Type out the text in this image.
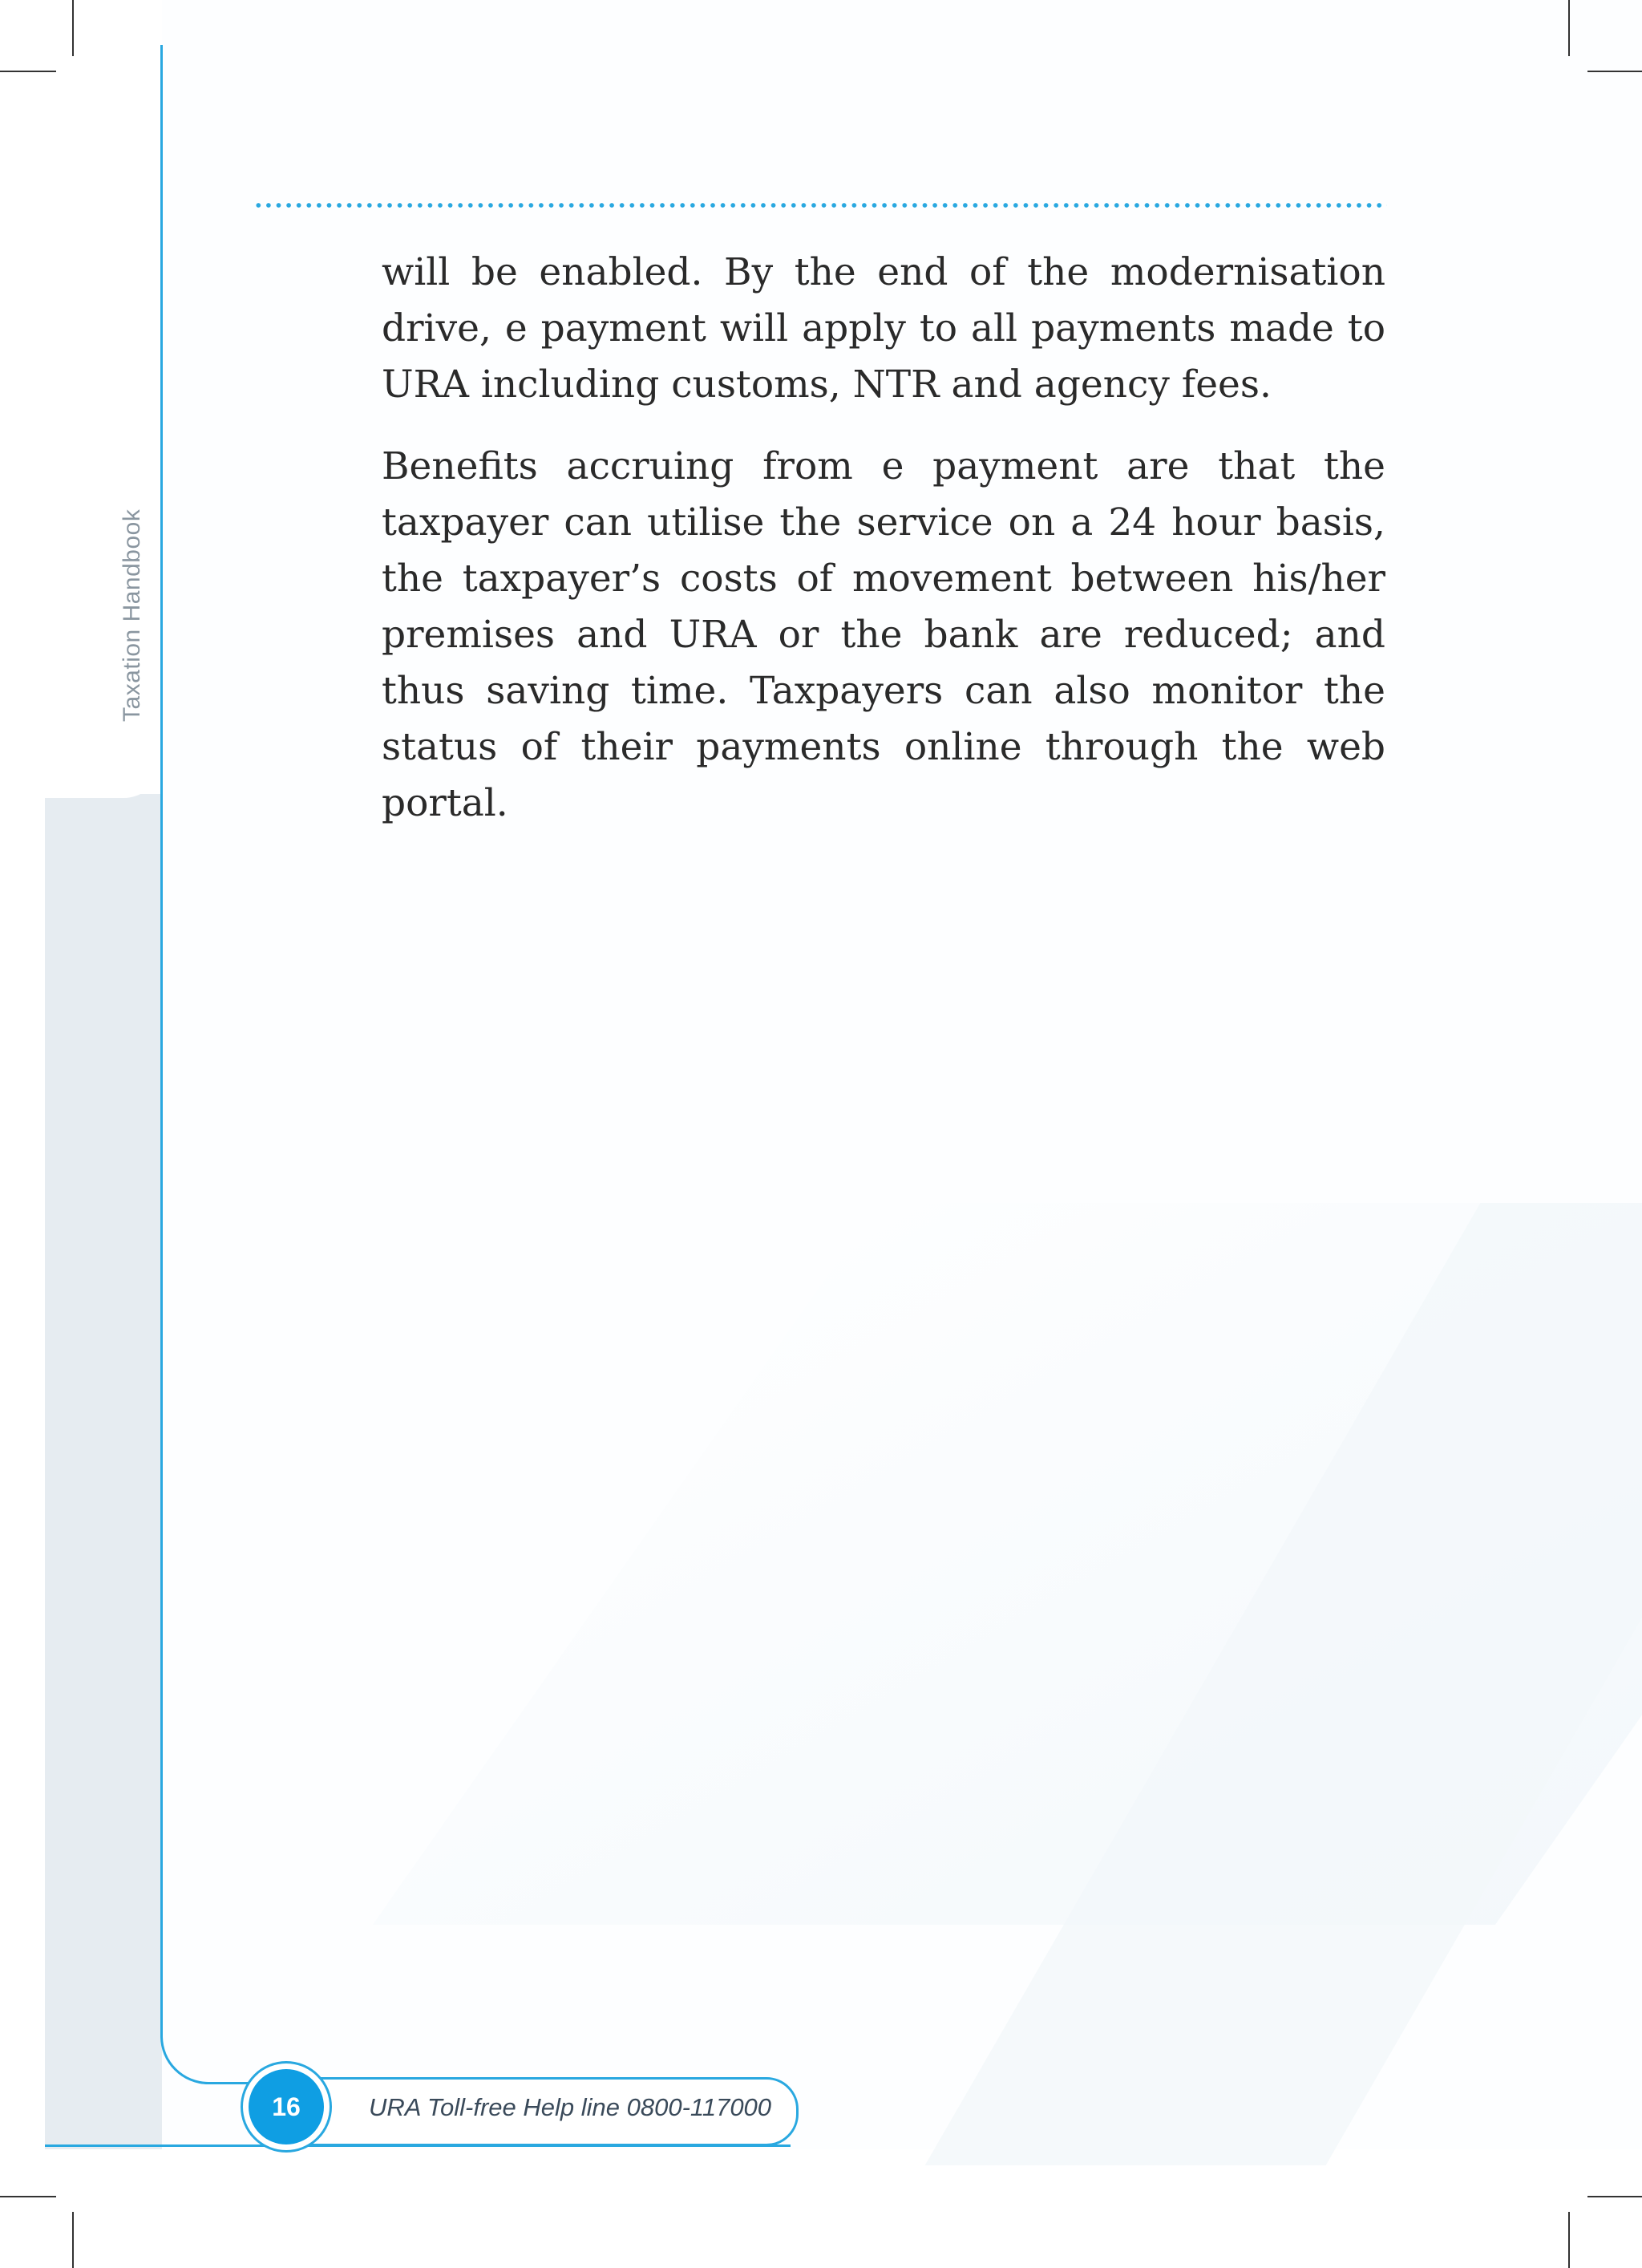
Taxation Handbook

will be enabled. By the end of the modernisation drive, e payment will apply to all payments made to URA including customs, NTR and agency fees.

Benefits accruing from e payment are that the taxpayer can utilise the service on a 24 hour basis, the taxpayer’s costs of movement between his/her premises and URA or the bank are reduced; and thus saving time. Taxpayers can also monitor the status of their payments online through the web portal.

16	URA Toll-free Help line 0800-117000
